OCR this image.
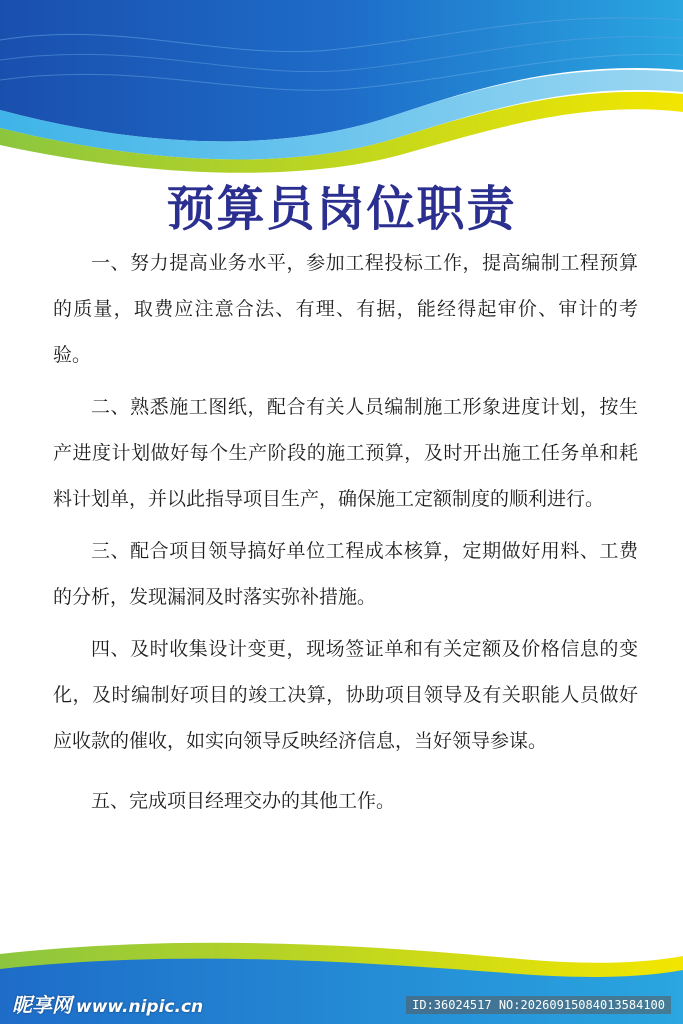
预算员岗位职责

一、努力提高业务水平，参加工程投标工作，提高编制工程预算的质量，取费应注意合法、有理、有据，能经得起审价、审计的考验。

二、熟悉施工图纸，配合有关人员编制施工形象进度计划，按生产进度计划做好每个生产阶段的施工预算，及时开出施工任务单和耗料计划单，并以此指导项目生产，确保施工定额制度的顺利进行。

三、配合项目领导搞好单位工程成本核算，定期做好用料、工费的分析，发现漏洞及时落实弥补措施。

四、及时收集设计变更，现场签证单和有关定额及价格信息的变化，及时编制好项目的竣工决算，协助项目领导及有关职能人员做好应收款的催收，如实向领导反映经济信息，当好领导参谋。

五、完成项目经理交办的其他工作。

昵享网 www.nipic.cn	ID:36024517 NO:20260915084013584100
